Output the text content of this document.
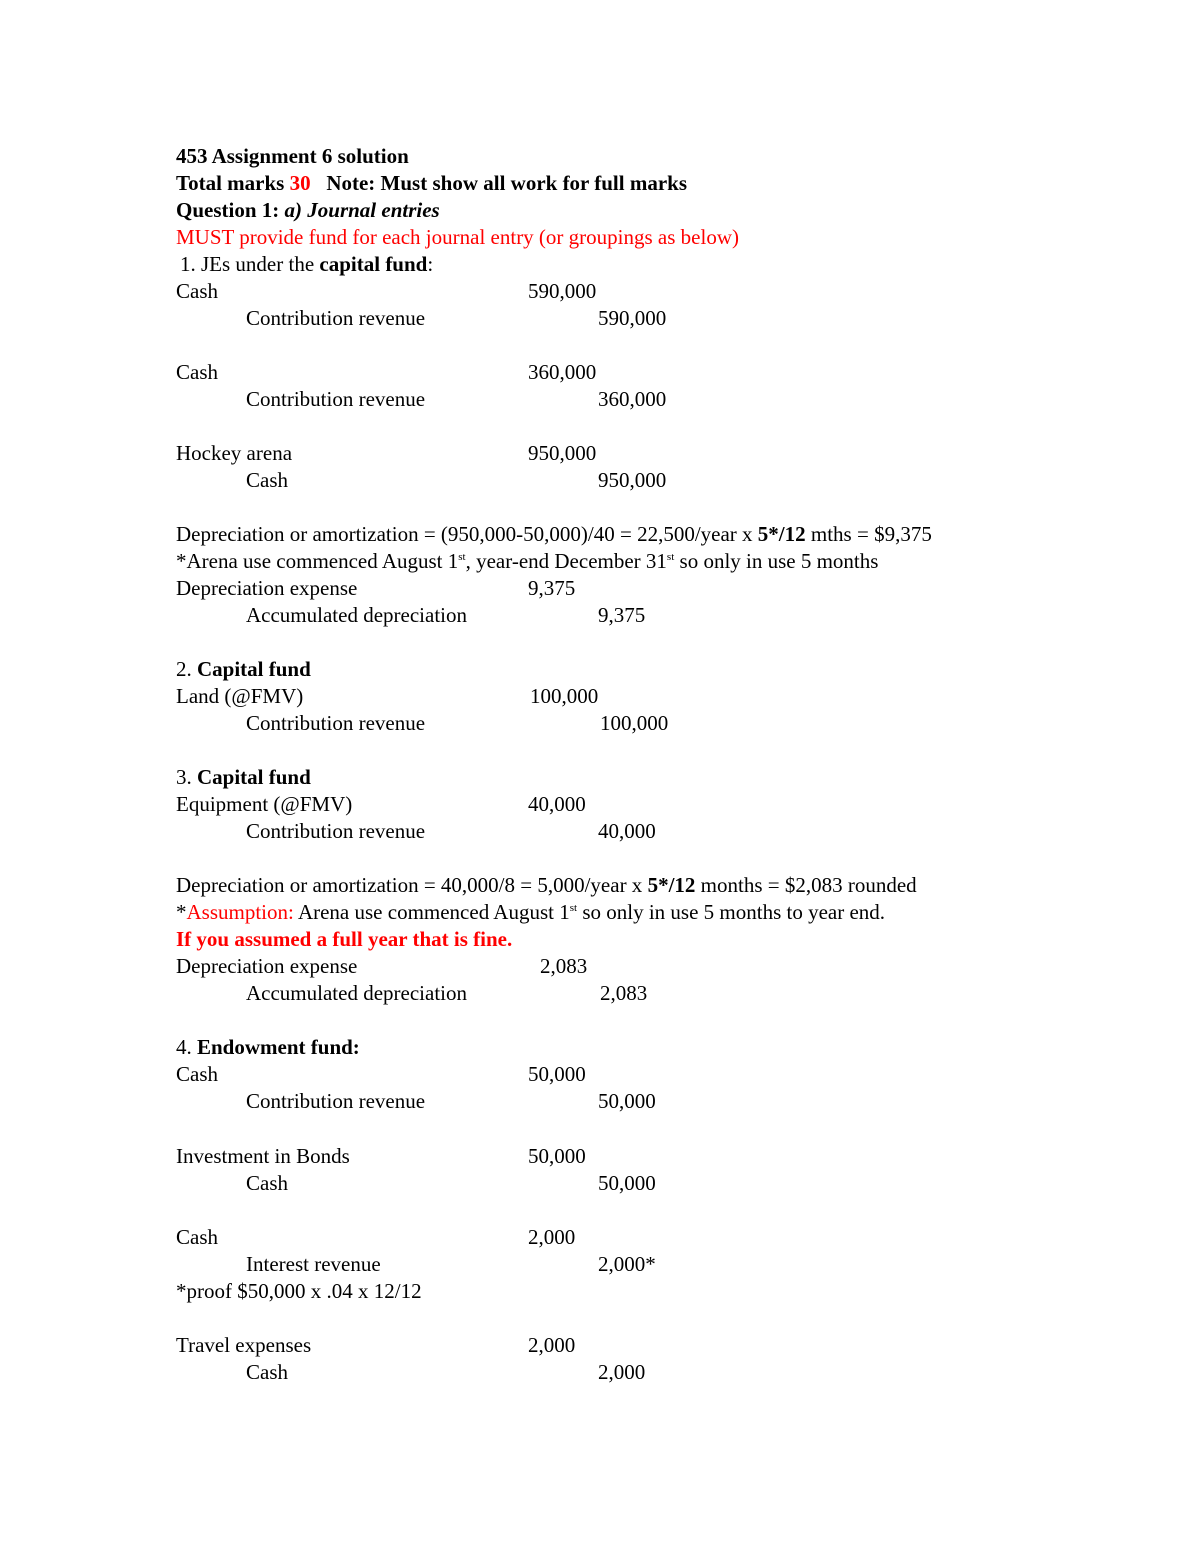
453 Assignment 6 solution
Total marks 30 Note: Must show all work for full marks
Question 1: a) Journal entries
MUST provide fund for each journal entry (or groupings as below)
1. JEs under the capital fund:
Cash	590,000
Contribution revenue	590,000
Cash	360,000
Contribution revenue	360,000
Hockey arena	950,000
Cash	950,000
Depreciation or amortization = (950,000-50,000)/40 = 22,500/year x 5*/12 mths = $9,375
*Arena use commenced August 1st, year-end December 31st so only in use 5 months
Depreciation expense	9,375
Accumulated depreciation	9,375
2. Capital fund
Land (@FMV)	100,000
Contribution revenue	100,000
3. Capital fund
Equipment (@FMV)	40,000
Contribution revenue	40,000
Depreciation or amortization = 40,000/8 = 5,000/year x 5*/12 months = $2,083 rounded
*Assumption: Arena use commenced August 1st so only in use 5 months to year end.
If you assumed a full year that is fine.
Depreciation expense	2,083
Accumulated depreciation	2,083
4. Endowment fund:
Cash	50,000
Contribution revenue	50,000
Investment in Bonds	50,000
Cash	50,000
Cash	2,000
Interest revenue	2,000*
*proof $50,000 x .04 x 12/12
Travel expenses	2,000
Cash	2,000
